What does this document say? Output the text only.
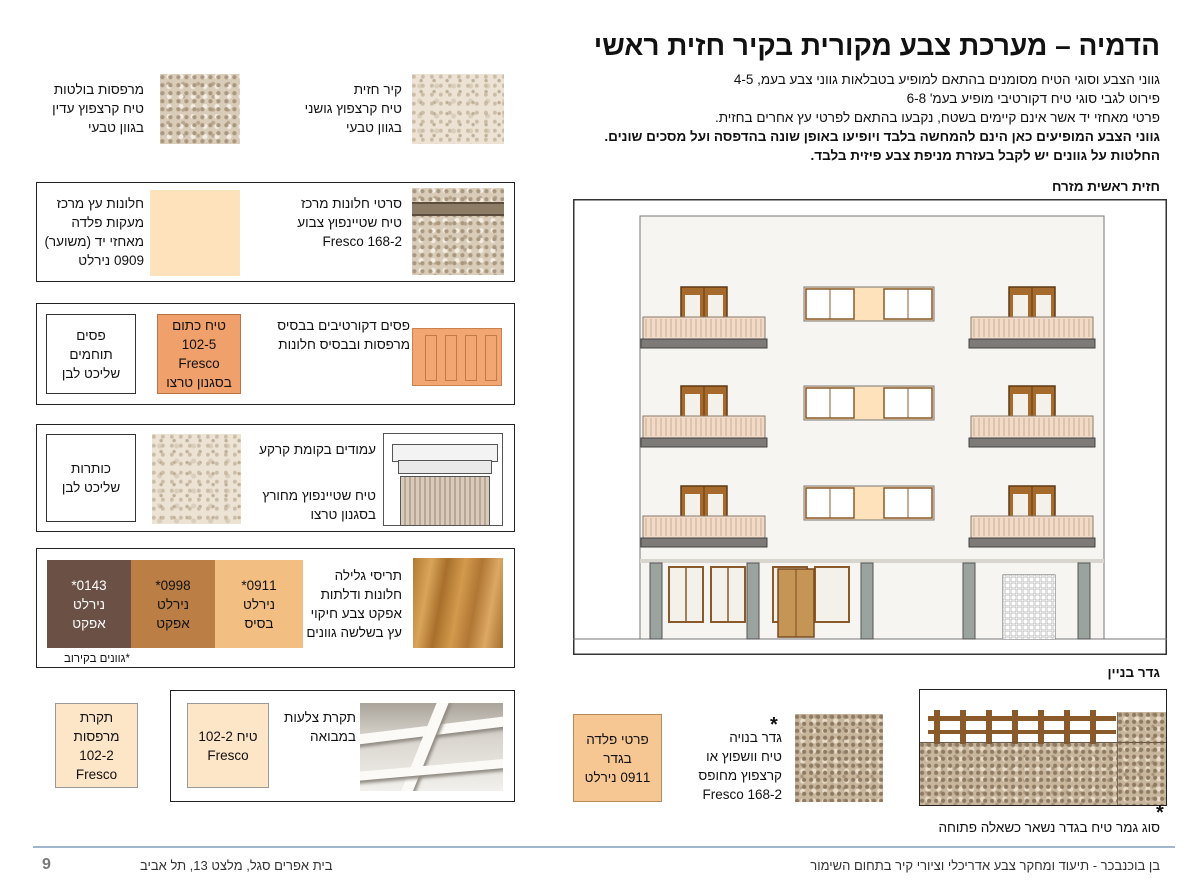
הדמיה – מערכת צבע מקורית בקיר חזית ראשי
גווני הצבע וסוגי הטיח מסומנים בהתאם למופיע בטבלאות גווני צבע בעמ, 4-5
פירוט לגבי סוגי טיח דקורטיבי מופיע בעמ' 6-8
פרטי מאחזי יד אשר אינם קיימים בשטח, נקבעו בהתאם לפרטי עץ אחרים בחזית.
גווני הצבע המופיעים כאן הינם להמחשה בלבד ויופיעו באופן שונה בהדפסה ועל מסכים שונים.
החלטות על גוונים יש לקבל בעזרת מניפת צבע פיזית בלבד.
קיר חזית
טיח קרצפוץ גושני
בגוון טבעי
מרפסות בולטות
טיח קרצפוץ עדין
בגוון טבעי
סרטי חלונות מרכז
טיח שטיינפוץ צבוע
Fresco 168-2
חלונות עץ מרכז
מעקות פלדה
מאחזי יד (משוער)
0909 נירלט
פסים דקורטיבים בבסיס
מרפסות ובבסיס חלונות
טיח כתום
102-5
Fresco
בסגנון טרצו
פסים
תוחמים
שליכט לבן
עמודים בקומת קרקע
טיח שטיינפוץ מחורץ
בסגנון טרצו
כותרות
שליכט לבן
תריסי גלילה
חלונות ודלתות
אפקט צבע חיקוי
עץ בשלשה גוונים
0911*
נירלט
בסיס
0998*
נירלט
אפקט
0143*
נירלט
אפקט
*גוונים בקירוב
תקרת צלעות
במבואה
טיח 102-2
Fresco
תקרת
מרפסות
102-2
Fresco
חזית ראשית מזרח
גדר בניין
פרטי פלדה
בגדר
0911 נירלט
גדר בנויה
טיח וושפוץ או
קרצפוץ מחופס
Fresco 168-2
*
*
סוג גמר טיח בגדר נשאר כשאלה פתוחה
9	בית אפרים סגל, מלצט 13, תל אביב	בן בוכנבכר - תיעוד ומחקר צבע אדריכלי וציורי קיר בתחום השימור
